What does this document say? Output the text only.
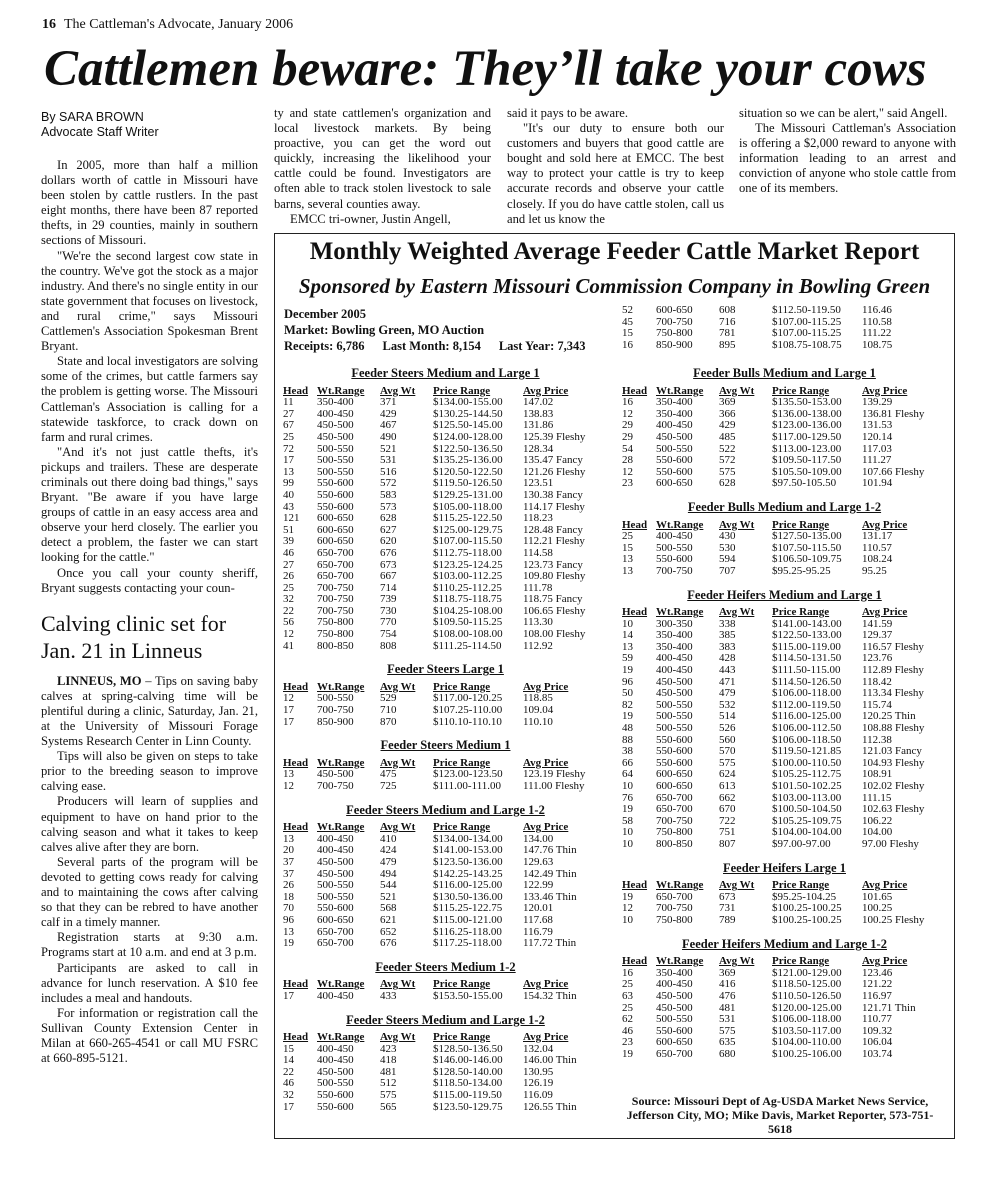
16 The Cattleman's Advocate, January 2006
Cattlemen beware: They’ll take your cows
By SARA BROWN
Advocate Staff Writer

In 2005, more than half a million dollars worth of cattle in Missouri have been stolen by cattle rustlers. In the past eight months, there have been 87 reported thefts, in 29 counties, mainly in southern sections of Missouri.

"We're the second largest cow state in the country. We've got the stock as a major industry. And there's no single entity in our state government that focuses on livestock, and rural crime," says Missouri Cattlemen's Association Spokesman Brent Bryant.

State and local investigators are solving some of the crimes, but cattle farmers say the problem is getting worse. The Missouri Cattleman's Association is calling for a statewide taskforce, to crack down on farm and rural crimes.

"And it's not just cattle thefts, it's pickups and trailers. These are desperate criminals out there doing bad things," says Bryant. "Be aware if you have large groups of cattle in an easy access area and observe your herd closely. The earlier you detect a problem, the faster we can start looking for the cattle."

Once you call your county sheriff, Bryant suggests contacting your coun-

Calving clinic set for Jan. 21 in Linneus

LINNEUS, MO – Tips on saving baby calves at spring-calving time will be plentiful during a clinic, Saturday, Jan. 21, at the University of Missouri Forage Systems Research Center in Linn County.

Tips will also be given on steps to take prior to the breeding season to improve calving ease.

Producers will learn of supplies and equipment to have on hand prior to the calving season and what it takes to keep calves alive after they are born.

Several parts of the program will be devoted to getting cows ready for calving and to maintaining the cows after calving so that they can be rebred to have another calf in a timely manner.

Registration starts at 9:30 a.m. Programs start at 10 a.m. and end at 3 p.m.

Participants are asked to call in advance for lunch reservation. A $10 fee includes a meal and handouts.

For information or registration call the Sullivan County Extension Center in Milan at 660-265-4541 or call MU FSRC at 660-895-5121.

ty and state cattlemen's organization and local livestock markets. By being proactive, you can get the word out quickly, increasing the likelihood your cattle could be found. Investigators are often able to track stolen livestock to sale barns, several counties away.

EMCC tri-owner, Justin Angell,

said it pays to be aware.

"It's our duty to ensure both our customers and buyers that good cattle are bought and sold here at EMCC. The best way to protect your cattle is try to keep accurate records and observe your cattle closely. If you do have cattle stolen, call us and let us know the

situation so we can be alert," said Angell.

The Missouri Cattleman's Association is offering a $2,000 reward to anyone with information leading to an arrest and conviction of anyone who stole cattle from one of its members.

Monthly Weighted Average Feeder Cattle Market Report
Sponsored by Eastern Missouri Commission Company in Bowling Green
December 2005
Market: Bowling Green, MO Auction
Receipts: 6,786 Last Month: 8,154 Last Year: 7,343
Feeder Steers Medium and Large 1
Head	Wt.Range	Avg Wt	Price Range	Avg Price
11	350-400	371	$134.00-155.00	147.02
27	400-450	429	$130.25-144.50	138.83
67	450-500	467	$125.50-145.00	131.86
25	450-500	490	$124.00-128.00	125.39 Fleshy
72	500-550	521	$122.50-136.50	128.34
17	500-550	531	$135.25-136.00	135.47 Fancy
13	500-550	516	$120.50-122.50	121.26 Fleshy
99	550-600	572	$119.50-126.50	123.51
40	550-600	583	$129.25-131.00	130.38 Fancy
43	550-600	573	$105.00-118.00	114.17 Fleshy
121	600-650	628	$115.25-122.50	118.23
51	600-650	627	$125.00-129.75	128.48 Fancy
39	600-650	620	$107.00-115.50	112.21 Fleshy
46	650-700	676	$112.75-118.00	114.58
27	650-700	673	$123.25-124.25	123.73 Fancy
26	650-700	667	$103.00-112.25	109.80 Fleshy
25	700-750	714	$110.25-112.25	111.78
32	700-750	739	$118.75-118.75	118.75 Fancy
22	700-750	730	$104.25-108.00	106.65 Fleshy
56	750-800	770	$109.50-115.25	113.30
12	750-800	754	$108.00-108.00	108.00 Fleshy
41	800-850	808	$111.25-114.50	112.92
Feeder Steers Large 1
Head	Wt.Range	Avg Wt	Price Range	Avg Price
12	500-550	529	$117.00-120.25	118.85
17	700-750	710	$107.25-110.00	109.04
17	850-900	870	$110.10-110.10	110.10
Feeder Steers Medium 1
Head	Wt.Range	Avg Wt	Price Range	Avg Price
13	450-500	475	$123.00-123.50	123.19 Fleshy
12	700-750	725	$111.00-111.00	111.00 Fleshy
Feeder Steers Medium and Large 1-2
Head	Wt.Range	Avg Wt	Price Range	Avg Price
13	400-450	410	$134.00-134.00	134.00
20	400-450	424	$141.00-153.00	147.76 Thin
37	450-500	479	$123.50-136.00	129.63
37	450-500	494	$142.25-143.25	142.49 Thin
26	500-550	544	$116.00-125.00	122.99
18	500-550	521	$130.50-136.00	133.46 Thin
70	550-600	568	$115.25-122.75	120.01
96	600-650	621	$115.00-121.00	117.68
13	650-700	652	$116.25-118.00	116.79
19	650-700	676	$117.25-118.00	117.72 Thin
Feeder Steers Medium 1-2
Head	Wt.Range	Avg Wt	Price Range	Avg Price
17	400-450	433	$153.50-155.00	154.32 Thin
Feeder Steers Medium and Large 1-2
Head	Wt.Range	Avg Wt	Price Range	Avg Price
15	400-450	423	$128.50-136.50	132.04
14	400-450	418	$146.00-146.00	146.00 Thin
22	450-500	481	$128.50-140.00	130.95
46	500-550	512	$118.50-134.00	126.19
32	550-600	575	$115.00-119.50	116.09
17	550-600	565	$123.50-129.75	126.55 Thin
52	600-650	608	$112.50-119.50	116.46
45	700-750	716	$107.00-115.25	110.58
15	750-800	781	$107.00-115.25	111.22
16	850-900	895	$108.75-108.75	108.75
Feeder Bulls Medium and Large 1
Head	Wt.Range	Avg Wt	Price Range	Avg Price
16	350-400	369	$135.50-153.00	139.29
12	350-400	366	$136.00-138.00	136.81 Fleshy
29	400-450	429	$123.00-136.00	131.53
29	450-500	485	$117.00-129.50	120.14
54	500-550	522	$113.00-123.00	117.03
28	550-600	572	$109.50-117.50	111.27
12	550-600	575	$105.50-109.00	107.66 Fleshy
23	600-650	628	$97.50-105.50	101.94
Feeder Bulls Medium and Large 1-2
Head	Wt.Range	Avg Wt	Price Range	Avg Price
25	400-450	430	$127.50-135.00	131.17
15	500-550	530	$107.50-115.50	110.57
13	550-600	594	$106.50-109.75	108.24
13	700-750	707	$95.25-95.25	95.25
Feeder Heifers Medium and Large 1
Head	Wt.Range	Avg Wt	Price Range	Avg Price
10	300-350	338	$141.00-143.00	141.59
14	350-400	385	$122.50-133.00	129.37
13	350-400	383	$115.00-119.00	116.57 Fleshy
59	400-450	428	$114.50-131.50	123.76
19	400-450	443	$111.50-115.00	112.89 Fleshy
96	450-500	471	$114.50-126.50	118.42
50	450-500	479	$106.00-118.00	113.34 Fleshy
82	500-550	532	$112.00-119.50	115.74
19	500-550	514	$116.00-125.00	120.25 Thin
48	500-550	526	$106.00-112.50	108.88 Fleshy
88	550-600	560	$106.00-118.50	112.38
38	550-600	570	$119.50-121.85	121.03 Fancy
66	550-600	575	$100.00-110.50	104.93 Fleshy
64	600-650	624	$105.25-112.75	108.91
10	600-650	613	$101.50-102.25	102.02 Fleshy
76	650-700	662	$103.00-113.00	111.15
19	650-700	670	$100.50-104.50	102.63 Fleshy
58	700-750	722	$105.25-109.75	106.22
10	750-800	751	$104.00-104.00	104.00
10	800-850	807	$97.00-97.00	97.00 Fleshy
Feeder Heifers Large 1
Head	Wt.Range	Avg Wt	Price Range	Avg Price
19	650-700	673	$95.25-104.25	101.65
12	700-750	731	$100.25-100.25	100.25
10	750-800	789	$100.25-100.25	100.25 Fleshy
Feeder Heifers Medium and Large 1-2
Head	Wt.Range	Avg Wt	Price Range	Avg Price
16	350-400	369	$121.00-129.00	123.46
25	400-450	416	$118.50-125.00	121.22
63	450-500	476	$110.50-126.50	116.97
25	450-500	481	$120.00-125.00	121.71 Thin
62	500-550	531	$106.00-118.00	110.77
46	550-600	575	$103.50-117.00	109.32
23	600-650	635	$104.00-110.00	106.04
19	650-700	680	$100.25-106.00	103.74
Source: Missouri Dept of Ag-USDA Market News Service, Jefferson City, MO; Mike Davis, Market Reporter, 573-751-5618
